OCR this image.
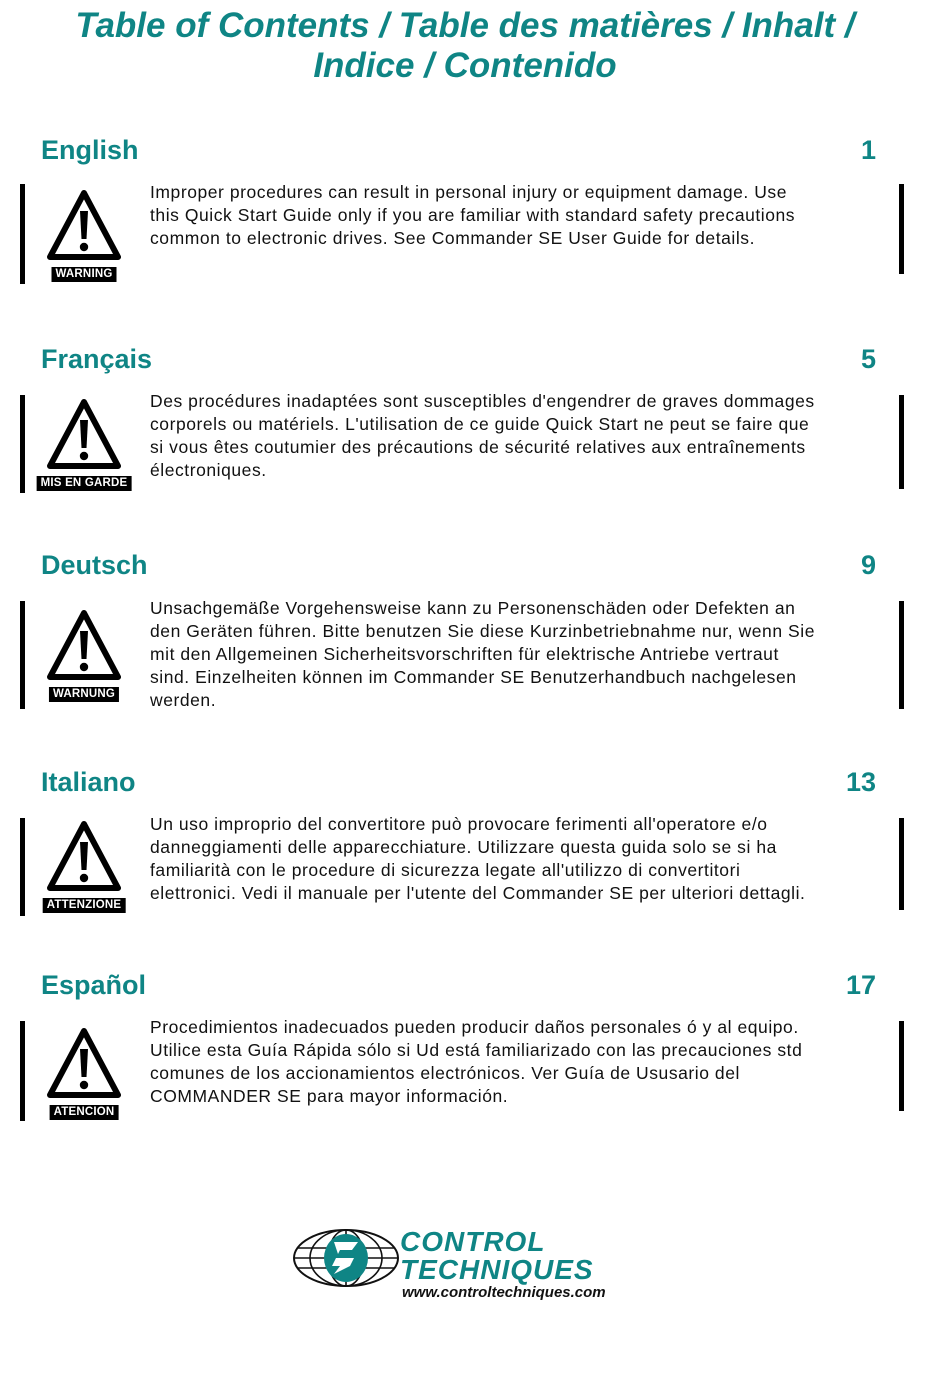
Table of Contents / Table des matières / Inhalt /
Indice / Contenido
English	1
WARNING
Improper procedures can result in personal injury or equipment damage. Use
this Quick Start Guide only if you are familiar with standard safety precautions
common to electronic drives. See Commander SE User Guide for details.
Français	5
MIS EN GARDE
Des procédures inadaptées sont susceptibles d'engendrer de graves dommages
corporels ou matériels. L'utilisation de ce guide Quick Start ne peut se faire que
si vous êtes coutumier des précautions de sécurité relatives aux entraînements
électroniques.
Deutsch	9
WARNUNG
Unsachgemäße Vorgehensweise kann zu Personenschäden oder Defekten an
den Geräten führen. Bitte benutzen Sie diese Kurzinbetriebnahme nur, wenn Sie
mit den Allgemeinen Sicherheitsvorschriften für elektrische Antriebe vertraut
sind. Einzelheiten können im Commander SE Benutzerhandbuch nachgelesen
werden.
Italiano	13
ATTENZIONE
Un uso improprio del convertitore può provocare ferimenti all'operatore e/o
danneggiamenti delle apparecchiature. Utilizzare questa guida solo se si ha
familiarità con le procedure di sicurezza legate all'utilizzo di convertitori
elettronici. Vedi il manuale per l'utente del Commander SE per ulteriori dettagli.
Español	17
ATENCION
Procedimientos inadecuados pueden producir daños personales ó y al equipo.
Utilice esta Guía Rápida sólo si Ud está familiarizado con las precauciones std
comunes de los accionamientos electrónicos. Ver Guía de Ususario del
COMMANDER SE para mayor información.
CONTROL
TECHNIQUES
www.controltechniques.com
